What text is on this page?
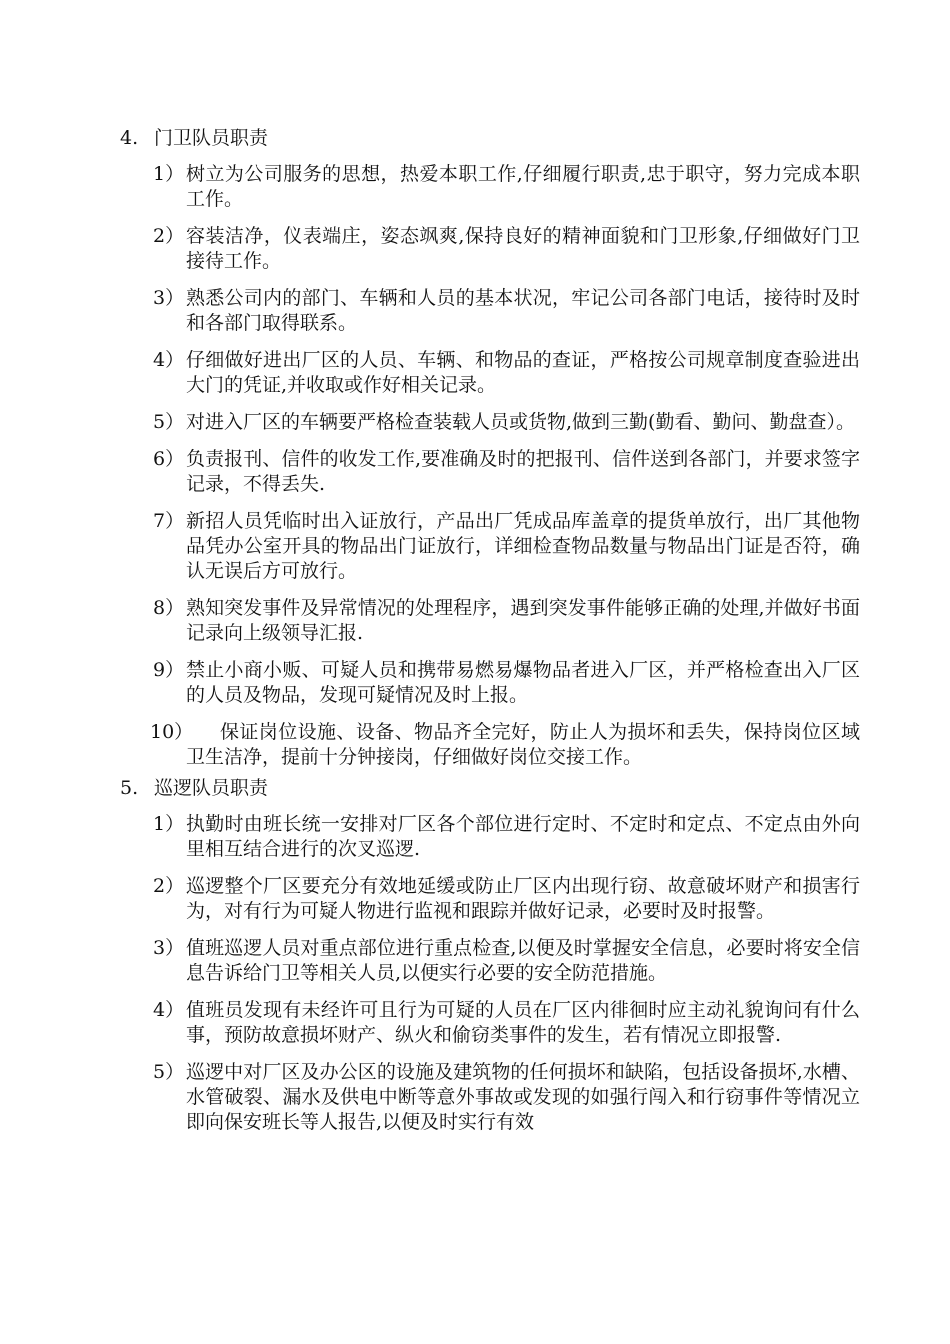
4. 门卫队员职责
1） 树立为公司服务的思想，热爱本职工作,仔细履行职责,忠于职守，努力完成本职工作。
2） 容装洁净，仪表端庄，姿态飒爽,保持良好的精神面貌和门卫形象,仔细做好门卫接待工作。
3） 熟悉公司内的部门、车辆和人员的基本状况，牢记公司各部门电话，接待时及时和各部门取得联系。
4） 仔细做好进出厂区的人员、车辆、和物品的查证，严格按公司规章制度查验进出大门的凭证,并收取或作好相关记录。
5） 对进入厂区的车辆要严格检查装载人员或货物,做到三勤(勤看、勤问、勤盘查）。
6） 负责报刊、信件的收发工作,要准确及时的把报刊、信件送到各部门，并要求签字记录，不得丢失.
7） 新招人员凭临时出入证放行，产品出厂凭成品库盖章的提货单放行，出厂其他物品凭办公室开具的物品出门证放行，详细检查物品数量与物品出门证是否符，确认无误后方可放行。
8） 熟知突发事件及异常情况的处理程序，遇到突发事件能够正确的处理,并做好书面记录向上级领导汇报.
9） 禁止小商小贩、可疑人员和携带易燃易爆物品者进入厂区，并严格检查出入厂区的人员及物品，发现可疑情况及时上报。
10）	保证岗位设施、设备、物品齐全完好，防止人为损坏和丢失，保持岗位区域卫生洁净，提前十分钟接岗，仔细做好岗位交接工作。
5. 巡逻队员职责
1） 执勤时由班长统一安排对厂区各个部位进行定时、不定时和定点、不定点由外向里相互结合进行的次叉巡逻.
2） 巡逻整个厂区要充分有效地延缓或防止厂区内出现行窃、故意破坏财产和损害行为，对有行为可疑人物进行监视和跟踪并做好记录，必要时及时报警。
3） 值班巡逻人员对重点部位进行重点检查,以便及时掌握安全信息，必要时将安全信息告诉给门卫等相关人员,以便实行必要的安全防范措施。
4） 值班员发现有未经许可且行为可疑的人员在厂区内徘徊时应主动礼貌询问有什么事，预防故意损坏财产、纵火和偷窃类事件的发生，若有情况立即报警.
5） 巡逻中对厂区及办公区的设施及建筑物的任何损坏和缺陷，包括设备损坏,水槽、水管破裂、漏水及供电中断等意外事故或发现的如强行闯入和行窃事件等情况立即向保安班长等人报告,以便及时实行有效
